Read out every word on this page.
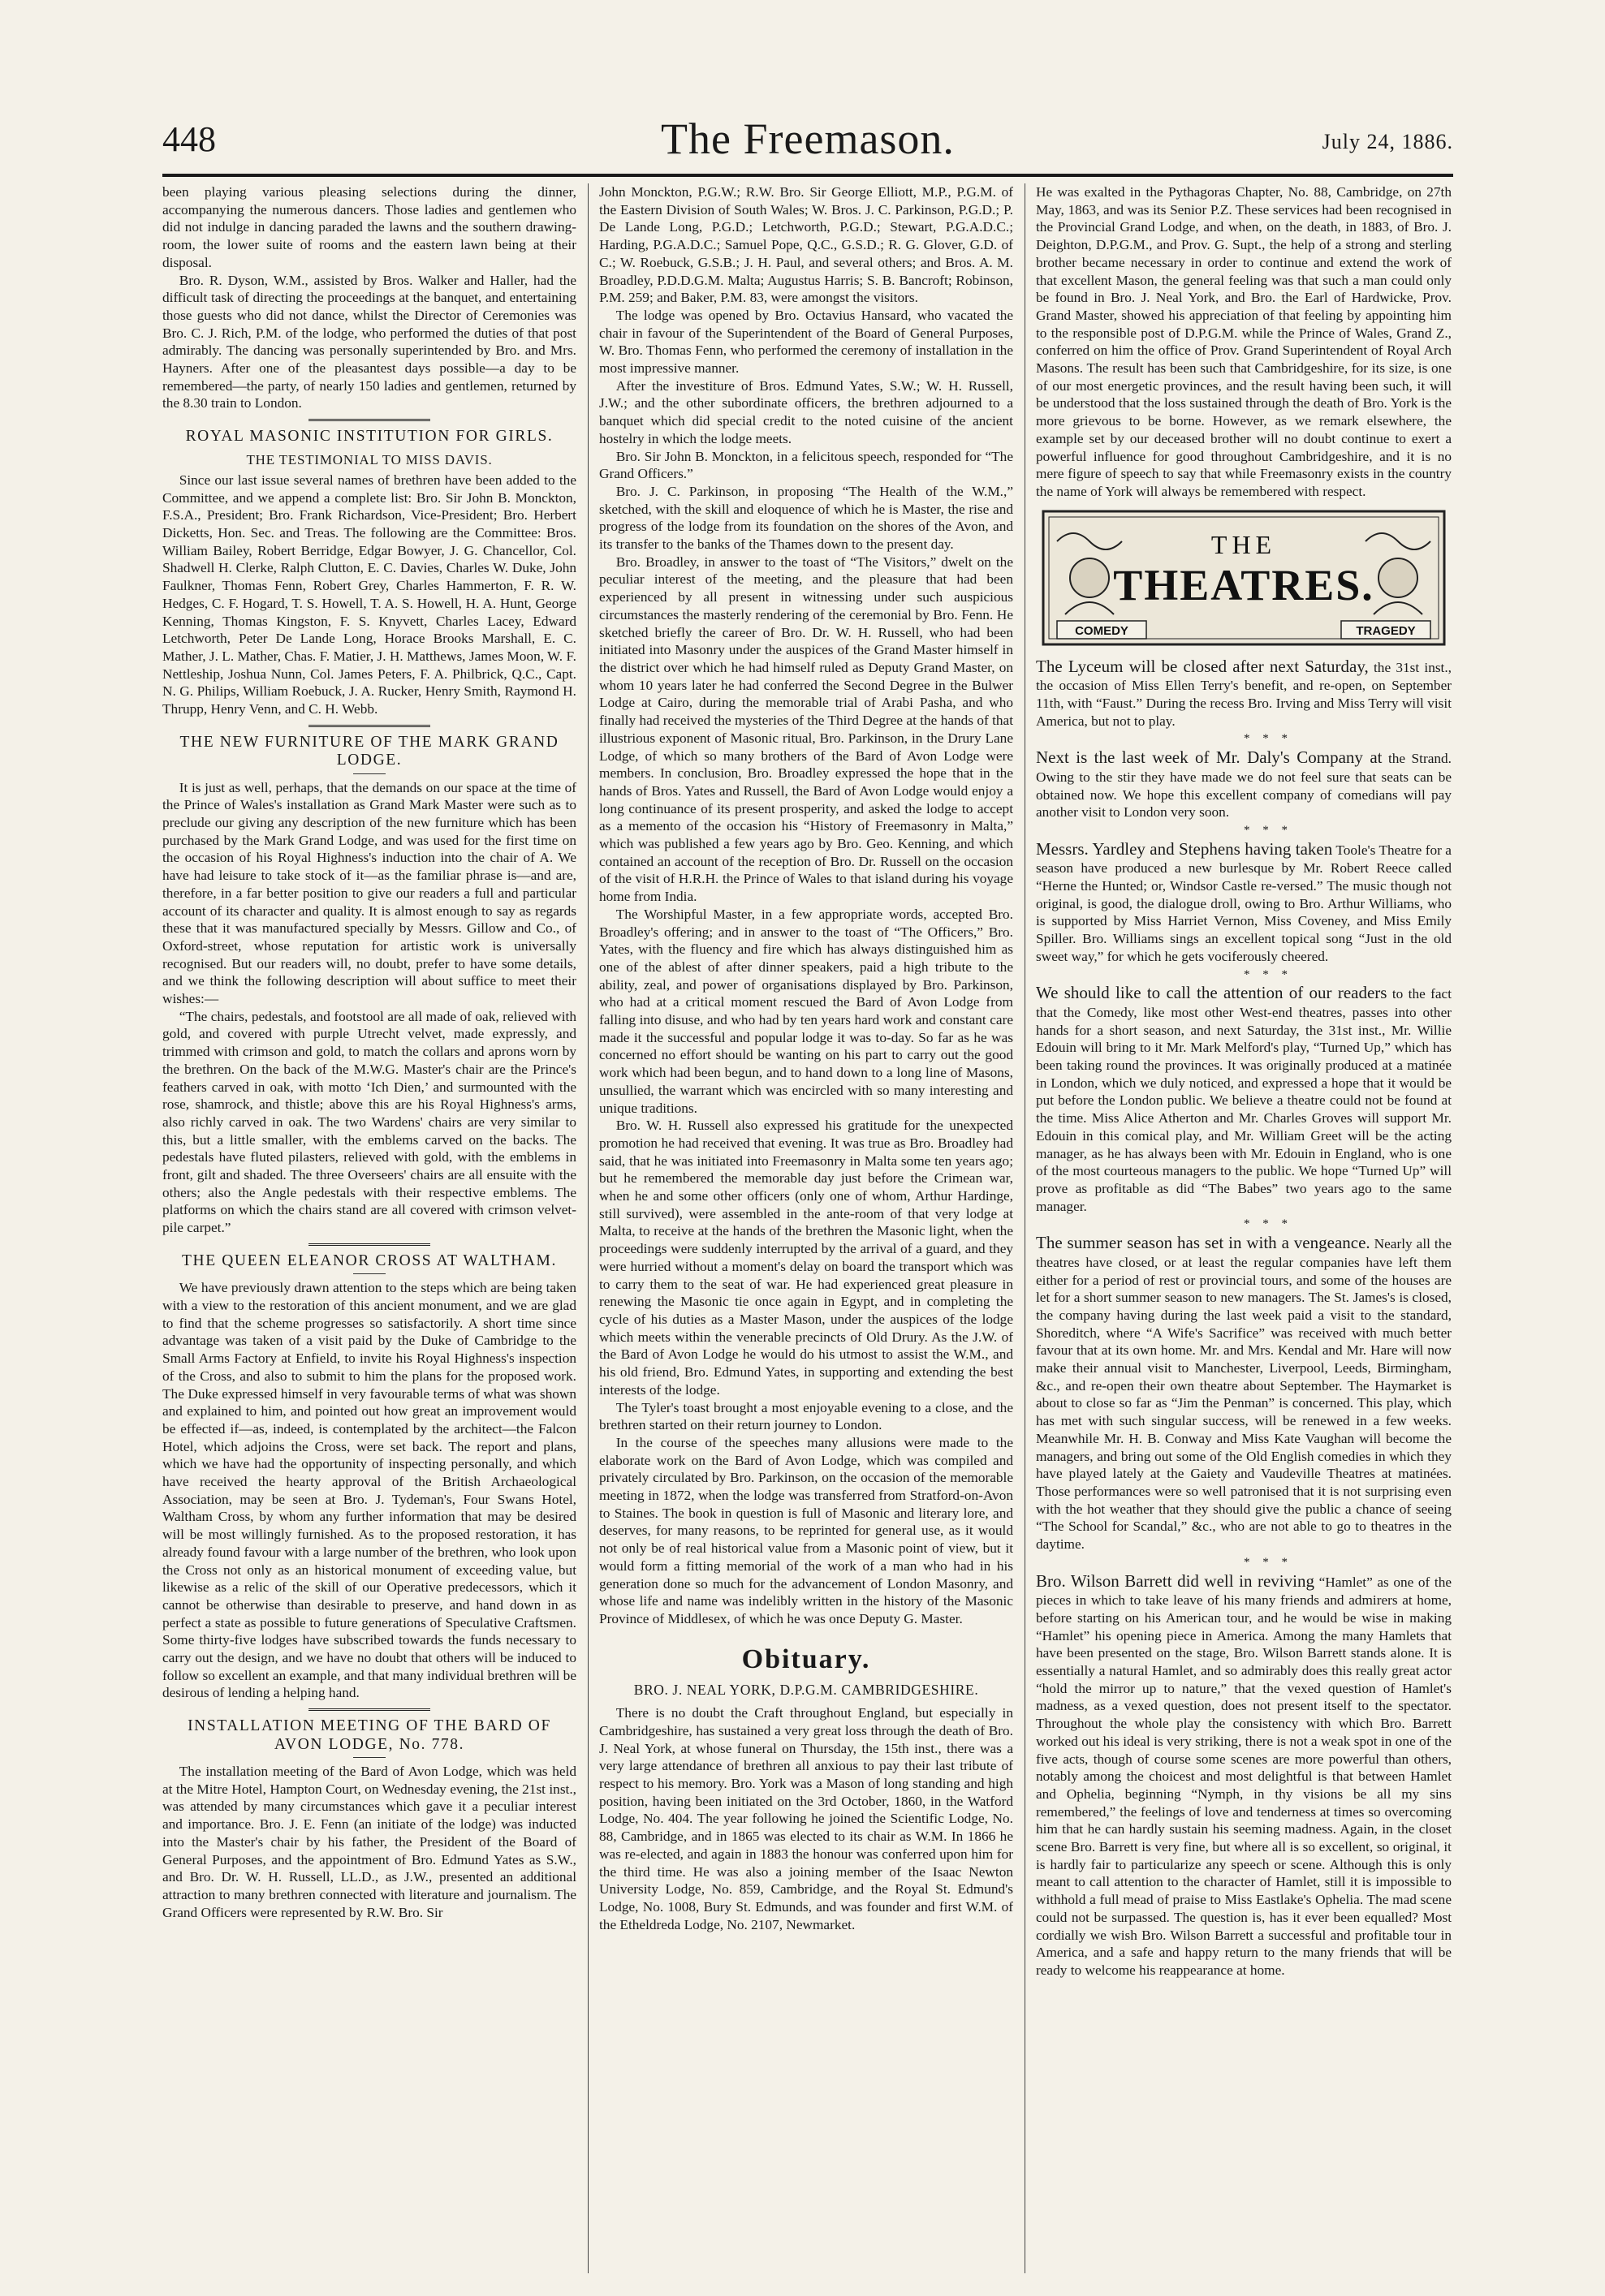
448	The Freemason.	July 24, 1886.

been playing various pleasing selections during the dinner, accompanying the numerous dancers. Those ladies and gentlemen who did not indulge in dancing paraded the lawns and the southern drawing-room, the lower suite of rooms and the eastern lawn being at their disposal.

Bro. R. Dyson, W.M., assisted by Bros. Walker and Haller, had the difficult task of directing the proceedings at the banquet, and entertaining those guests who did not dance, whilst the Director of Ceremonies was Bro. C. J. Rich, P.M. of the lodge, who performed the duties of that post admirably. The dancing was personally superintended by Bro. and Mrs. Hayners. After one of the pleasantest days possible—a day to be remembered—the party, of nearly 150 ladies and gentlemen, returned by the 8.30 train to London.

ROYAL MASONIC INSTITUTION FOR GIRLS.
THE TESTIMONIAL TO MISS DAVIS.

Since our last issue several names of brethren have been added to the Committee, and we append a complete list: Bro. Sir John B. Monckton, F.S.A., President; Bro. Frank Richardson, Vice-President; Bro. Herbert Dicketts, Hon. Sec. and Treas. The following are the Committee: Bros. William Bailey, Robert Berridge, Edgar Bowyer, J. G. Chancellor, Col. Shadwell H. Clerke, Ralph Clutton, E. C. Davies, Charles W. Duke, John Faulkner, Thomas Fenn, Robert Grey, Charles Hammerton, F. R. W. Hedges, C. F. Hogard, T. S. Howell, T. A. S. Howell, H. A. Hunt, George Kenning, Thomas Kingston, F. S. Knyvett, Charles Lacey, Edward Letchworth, Peter De Lande Long, Horace Brooks Marshall, E. C. Mather, J. L. Mather, Chas. F. Matier, J. H. Matthews, James Moon, W. F. Nettleship, Joshua Nunn, Col. James Peters, F. A. Philbrick, Q.C., Capt. N. G. Philips, William Roebuck, J. A. Rucker, Henry Smith, Raymond H. Thrupp, Henry Venn, and C. H. Webb.

THE NEW FURNITURE OF THE MARK GRAND LODGE.

It is just as well, perhaps, that the demands on our space at the time of the Prince of Wales's installation as Grand Mark Master were such as to preclude our giving any description of the new furniture which has been purchased by the Mark Grand Lodge, and was used for the first time on the occasion of his Royal Highness's induction into the chair of A. We have had leisure to take stock of it—as the familiar phrase is—and are, therefore, in a far better position to give our readers a full and particular account of its character and quality. It is almost enough to say as regards these that it was manufactured specially by Messrs. Gillow and Co., of Oxford-street, whose reputation for artistic work is universally recognised. But our readers will, no doubt, prefer to have some details, and we think the following description will about suffice to meet their wishes:—

“The chairs, pedestals, and footstool are all made of oak, relieved with gold, and covered with purple Utrecht velvet, made expressly, and trimmed with crimson and gold, to match the collars and aprons worn by the brethren. On the back of the M.W.G. Master's chair are the Prince's feathers carved in oak, with motto ‘Ich Dien,’ and surmounted with the rose, shamrock, and thistle; above this are his Royal Highness's arms, also richly carved in oak. The two Wardens' chairs are very similar to this, but a little smaller, with the emblems carved on the backs. The pedestals have fluted pilasters, relieved with gold, with the emblems in front, gilt and shaded. The three Overseers' chairs are all ensuite with the others; also the Angle pedestals with their respective emblems. The platforms on which the chairs stand are all covered with crimson velvet-pile carpet.”

THE QUEEN ELEANOR CROSS AT WALTHAM.

We have previously drawn attention to the steps which are being taken with a view to the restoration of this ancient monument, and we are glad to find that the scheme progresses so satisfactorily. A short time since advantage was taken of a visit paid by the Duke of Cambridge to the Small Arms Factory at Enfield, to invite his Royal Highness's inspection of the Cross, and also to submit to him the plans for the proposed work. The Duke expressed himself in very favourable terms of what was shown and explained to him, and pointed out how great an improvement would be effected if—as, indeed, is contemplated by the architect—the Falcon Hotel, which adjoins the Cross, were set back. The report and plans, which we have had the opportunity of inspecting personally, and which have received the hearty approval of the British Archaeological Association, may be seen at Bro. J. Tydeman's, Four Swans Hotel, Waltham Cross, by whom any further information that may be desired will be most willingly furnished. As to the proposed restoration, it has already found favour with a large number of the brethren, who look upon the Cross not only as an historical monument of exceeding value, but likewise as a relic of the skill of our Operative predecessors, which it cannot be otherwise than desirable to preserve, and hand down in as perfect a state as possible to future generations of Speculative Craftsmen. Some thirty-five lodges have subscribed towards the funds necessary to carry out the design, and we have no doubt that others will be induced to follow so excellent an example, and that many individual brethren will be desirous of lending a helping hand.

INSTALLATION MEETING OF THE BARD OF AVON LODGE, No. 778.

The installation meeting of the Bard of Avon Lodge, which was held at the Mitre Hotel, Hampton Court, on Wednesday evening, the 21st inst., was attended by many circumstances which gave it a peculiar interest and importance. Bro. J. E. Fenn (an initiate of the lodge) was inducted into the Master's chair by his father, the President of the Board of General Purposes, and the appointment of Bro. Edmund Yates as S.W., and Bro. Dr. W. H. Russell, LL.D., as J.W., presented an additional attraction to many brethren connected with literature and journalism. The Grand Officers were represented by R.W. Bro. Sir

John Monckton, P.G.W.; R.W. Bro. Sir George Elliott, M.P., P.G.M. of the Eastern Division of South Wales; W. Bros. J. C. Parkinson, P.G.D.; P. De Lande Long, P.G.D.; Letchworth, P.G.D.; Stewart, P.G.A.D.C.; Harding, P.G.A.D.C.; Samuel Pope, Q.C., G.S.D.; R. G. Glover, G.D. of C.; W. Roebuck, G.S.B.; J. H. Paul, and several others; and Bros. A. M. Broadley, P.D.D.G.M. Malta; Augustus Harris; S. B. Bancroft; Robinson, P.M. 259; and Baker, P.M. 83, were amongst the visitors.

The lodge was opened by Bro. Octavius Hansard, who vacated the chair in favour of the Superintendent of the Board of General Purposes, W. Bro. Thomas Fenn, who performed the ceremony of installation in the most impressive manner.

After the investiture of Bros. Edmund Yates, S.W.; W. H. Russell, J.W.; and the other subordinate officers, the brethren adjourned to a banquet which did special credit to the noted cuisine of the ancient hostelry in which the lodge meets.

Bro. Sir John B. Monckton, in a felicitous speech, responded for “The Grand Officers.”

Bro. J. C. Parkinson, in proposing “The Health of the W.M.,” sketched, with the skill and eloquence of which he is Master, the rise and progress of the lodge from its foundation on the shores of the Avon, and its transfer to the banks of the Thames down to the present day.

Bro. Broadley, in answer to the toast of “The Visitors,” dwelt on the peculiar interest of the meeting, and the pleasure that had been experienced by all present in witnessing under such auspicious circumstances the masterly rendering of the ceremonial by Bro. Fenn. He sketched briefly the career of Bro. Dr. W. H. Russell, who had been initiated into Masonry under the auspices of the Grand Master himself in the district over which he had himself ruled as Deputy Grand Master, on whom 10 years later he had conferred the Second Degree in the Bulwer Lodge at Cairo, during the memorable trial of Arabi Pasha, and who finally had received the mysteries of the Third Degree at the hands of that illustrious exponent of Masonic ritual, Bro. Parkinson, in the Drury Lane Lodge, of which so many brothers of the Bard of Avon Lodge were members. In conclusion, Bro. Broadley expressed the hope that in the hands of Bros. Yates and Russell, the Bard of Avon Lodge would enjoy a long continuance of its present prosperity, and asked the lodge to accept as a memento of the occasion his “History of Freemasonry in Malta,” which was published a few years ago by Bro. Geo. Kenning, and which contained an account of the reception of Bro. Dr. Russell on the occasion of the visit of H.R.H. the Prince of Wales to that island during his voyage home from India.

The Worshipful Master, in a few appropriate words, accepted Bro. Broadley's offering; and in answer to the toast of “The Officers,” Bro. Yates, with the fluency and fire which has always distinguished him as one of the ablest of after dinner speakers, paid a high tribute to the ability, zeal, and power of organisations displayed by Bro. Parkinson, who had at a critical moment rescued the Bard of Avon Lodge from falling into disuse, and who had by ten years hard work and constant care made it the successful and popular lodge it was to-day. So far as he was concerned no effort should be wanting on his part to carry out the good work which had been begun, and to hand down to a long line of Masons, unsullied, the warrant which was encircled with so many interesting and unique traditions.

Bro. W. H. Russell also expressed his gratitude for the unexpected promotion he had received that evening. It was true as Bro. Broadley had said, that he was initiated into Freemasonry in Malta some ten years ago; but he remembered the memorable day just before the Crimean war, when he and some other officers (only one of whom, Arthur Hardinge, still survived), were assembled in the ante-room of that very lodge at Malta, to receive at the hands of the brethren the Masonic light, when the proceedings were suddenly interrupted by the arrival of a guard, and they were hurried without a moment's delay on board the transport which was to carry them to the seat of war. He had experienced great pleasure in renewing the Masonic tie once again in Egypt, and in completing the cycle of his duties as a Master Mason, under the auspices of the lodge which meets within the venerable precincts of Old Drury. As the J.W. of the Bard of Avon Lodge he would do his utmost to assist the W.M., and his old friend, Bro. Edmund Yates, in supporting and extending the best interests of the lodge.

The Tyler's toast brought a most enjoyable evening to a close, and the brethren started on their return journey to London.

In the course of the speeches many allusions were made to the elaborate work on the Bard of Avon Lodge, which was compiled and privately circulated by Bro. Parkinson, on the occasion of the memorable meeting in 1872, when the lodge was transferred from Stratford-on-Avon to Staines. The book in question is full of Masonic and literary lore, and deserves, for many reasons, to be reprinted for general use, as it would not only be of real historical value from a Masonic point of view, but it would form a fitting memorial of the work of a man who had in his generation done so much for the advancement of London Masonry, and whose life and name was indelibly written in the history of the Masonic Province of Middlesex, of which he was once Deputy G. Master.

Obituary.
BRO. J. NEAL YORK, D.P.G.M. CAMBRIDGESHIRE.

There is no doubt the Craft throughout England, but especially in Cambridgeshire, has sustained a very great loss through the death of Bro. J. Neal York, at whose funeral on Thursday, the 15th inst., there was a very large attendance of brethren all anxious to pay their last tribute of respect to his memory. Bro. York was a Mason of long standing and high position, having been initiated on the 3rd October, 1860, in the Watford Lodge, No. 404. The year following he joined the Scientific Lodge, No. 88, Cambridge, and in 1865 was elected to its chair as W.M. In 1866 he was re-elected, and again in 1883 the honour was conferred upon him for the third time. He was also a joining member of the Isaac Newton University Lodge, No. 859, Cambridge, and the Royal St. Edmund's Lodge, No. 1008, Bury St. Edmunds, and was founder and first W.M. of the Etheldreda Lodge, No. 2107, Newmarket.

He was exalted in the Pythagoras Chapter, No. 88, Cambridge, on 27th May, 1863, and was its Senior P.Z. These services had been recognised in the Provincial Grand Lodge, and when, on the death, in 1883, of Bro. J. Deighton, D.P.G.M., and Prov. G. Supt., the help of a strong and sterling brother became necessary in order to continue and extend the work of that excellent Mason, the general feeling was that such a man could only be found in Bro. J. Neal York, and Bro. the Earl of Hardwicke, Prov. Grand Master, showed his appreciation of that feeling by appointing him to the responsible post of D.P.G.M. while the Prince of Wales, Grand Z., conferred on him the office of Prov. Grand Superintendent of Royal Arch Masons. The result has been such that Cambridgeshire, for its size, is one of our most energetic provinces, and the result having been such, it will be understood that the loss sustained through the death of Bro. York is the more grievous to be borne. However, as we remark elsewhere, the example set by our deceased brother will no doubt continue to exert a powerful influence for good throughout Cambridgeshire, and it is no mere figure of speech to say that while Freemasonry exists in the country the name of York will always be remembered with respect.

THE
THEATRES.
COMEDY	TRAGEDY

The Lyceum will be closed after next Saturday, the 31st inst., the occasion of Miss Ellen Terry's benefit, and re-open, on September 11th, with “Faust.” During the recess Bro. Irving and Miss Terry will visit America, but not to play.

* * *

Next is the last week of Mr. Daly's Company at the Strand. Owing to the stir they have made we do not feel sure that seats can be obtained now. We hope this excellent company of comedians will pay another visit to London very soon.

* * *

Messrs. Yardley and Stephens having taken Toole's Theatre for a season have produced a new burlesque by Mr. Robert Reece called “Herne the Hunted; or, Windsor Castle re-versed.” The music though not original, is good, the dialogue droll, owing to Bro. Arthur Williams, who is supported by Miss Harriet Vernon, Miss Coveney, and Miss Emily Spiller. Bro. Williams sings an excellent topical song “Just in the old sweet way,” for which he gets vociferously cheered.

* * *

We should like to call the attention of our readers to the fact that the Comedy, like most other West-end theatres, passes into other hands for a short season, and next Saturday, the 31st inst., Mr. Willie Edouin will bring to it Mr. Mark Melford's play, “Turned Up,” which has been taking round the provinces. It was originally produced at a matinée in London, which we duly noticed, and expressed a hope that it would be put before the London public. We believe a theatre could not be found at the time. Miss Alice Atherton and Mr. Charles Groves will support Mr. Edouin in this comical play, and Mr. William Greet will be the acting manager, as he has always been with Mr. Edouin in England, who is one of the most courteous managers to the public. We hope “Turned Up” will prove as profitable as did “The Babes” two years ago to the same manager.

* * *

The summer season has set in with a vengeance. Nearly all the theatres have closed, or at least the regular companies have left them either for a period of rest or provincial tours, and some of the houses are let for a short summer season to new managers. The St. James's is closed, the company having during the last week paid a visit to the standard, Shoreditch, where “A Wife's Sacrifice” was received with much better favour that at its own home. Mr. and Mrs. Kendal and Mr. Hare will now make their annual visit to Manchester, Liverpool, Leeds, Birmingham, &c., and re-open their own theatre about September. The Haymarket is about to close so far as “Jim the Penman” is concerned. This play, which has met with such singular success, will be renewed in a few weeks. Meanwhile Mr. H. B. Conway and Miss Kate Vaughan will become the managers, and bring out some of the Old English comedies in which they have played lately at the Gaiety and Vaudeville Theatres at matinées. Those performances were so well patronised that it is not surprising even with the hot weather that they should give the public a chance of seeing “The School for Scandal,” &c., who are not able to go to theatres in the daytime.

* * *

Bro. Wilson Barrett did well in reviving “Hamlet” as one of the pieces in which to take leave of his many friends and admirers at home, before starting on his American tour, and he would be wise in making “Hamlet” his opening piece in America. Among the many Hamlets that have been presented on the stage, Bro. Wilson Barrett stands alone. It is essentially a natural Hamlet, and so admirably does this really great actor “hold the mirror up to nature,” that the vexed question of Hamlet's madness, as a vexed question, does not present itself to the spectator. Throughout the whole play the consistency with which Bro. Barrett worked out his ideal is very striking, there is not a weak spot in one of the five acts, though of course some scenes are more powerful than others, notably among the choicest and most delightful is that between Hamlet and Ophelia, beginning “Nymph, in thy visions be all my sins remembered,” the feelings of love and tenderness at times so overcoming him that he can hardly sustain his seeming madness. Again, in the closet scene Bro. Barrett is very fine, but where all is so excellent, so original, it is hardly fair to particularize any speech or scene. Although this is only meant to call attention to the character of Hamlet, still it is impossible to withhold a full mead of praise to Miss Eastlake's Ophelia. The mad scene could not be surpassed. The question is, has it ever been equalled? Most cordially we wish Bro. Wilson Barrett a successful and profitable tour in America, and a safe and happy return to the many friends that will be ready to welcome his reappearance at home.
